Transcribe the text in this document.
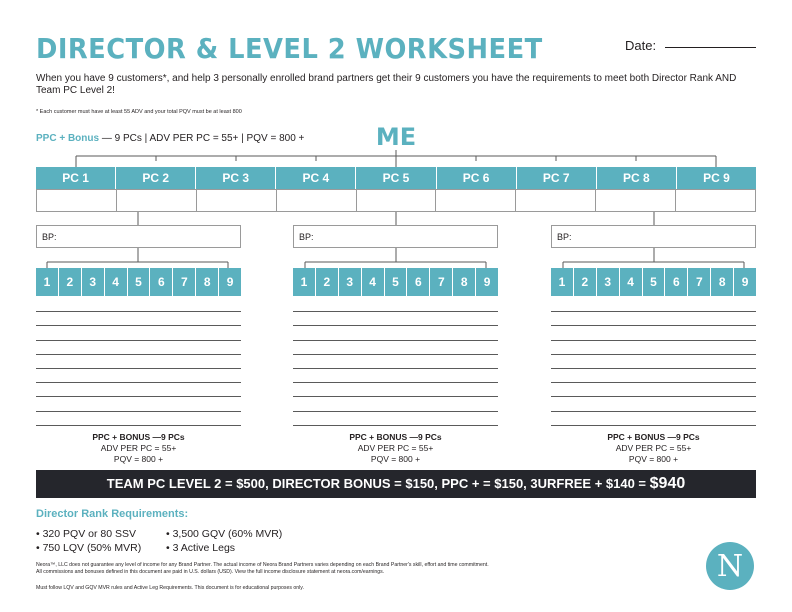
DIRECTOR & LEVEL 2 WORKSHEET	Date:
When you have 9 customers*, and help 3 personally enrolled brand partners get their 9 customers you have the requirements to meet both Director Rank AND Team PC Level 2!
* Each customer must have at least 55 ADV and your total PQV must be at least 800
PPC + Bonus — 9 PCs | ADV PER PC = 55+ | PQV = 800 +	ME
PC 1	PC 2	PC 3	PC 4	PC 5	PC 6	PC 7	PC 8	PC 9
BP:
1	2	3	4	5	6	7	8	9
PPC + BONUS —9 PCs
ADV PER PC = 55+
PQV = 800 +
BP:
1	2	3	4	5	6	7	8	9
PPC + BONUS —9 PCs
ADV PER PC = 55+
PQV = 800 +
BP:
1	2	3	4	5	6	7	8	9
PPC + BONUS —9 PCs
ADV PER PC = 55+
PQV = 800 +
TEAM PC LEVEL 2 = $500, DIRECTOR BONUS = $150, PPC + = $150, 3URFREE + $140 = $940
Director Rank Requirements:
• 320 PQV or 80 SSV
• 750 LQV (50% MVR)
• 3,500 GQV (60% MVR)
• 3 Active Legs
Neora™, LLC does not guarantee any level of income for any Brand Partner. The actual income of Neora Brand Partners varies depending on each Brand Partner's skill, effort and time commitment.
All commissions and bonuses defined in this document are paid in U.S. dollars (USD). View the full income disclosure statement at neora.com/earnings.
Must follow LQV and GQV MVR rules and Active Leg Requirements. This document is for educational purposes only.
N
